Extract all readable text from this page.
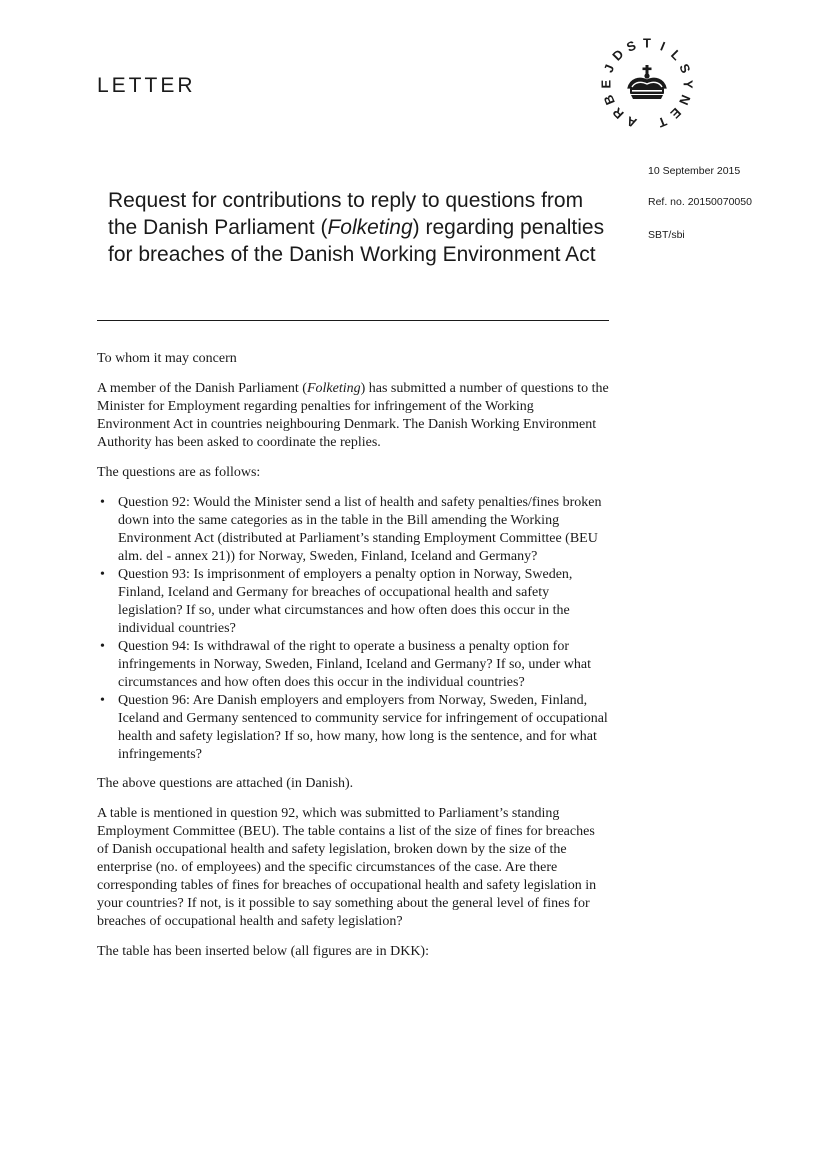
LETTER
A
R
B
E
J
D
S T I
L
S
Y
N
E
T
10 September 2015
Ref. no. 20150070050
SBT/sbi
Request for contributions to reply to questions from the Danish Parliament (Folketing) regarding penalties for breaches of the Danish Working Environment Act

To whom it may concern

A member of the Danish Parliament (Folketing) has submitted a number of questions to the Minister for Employment regarding penalties for infringement of the Working Environment Act in countries neighbouring Denmark. The Danish Working Environment Authority has been asked to coordinate the replies.

The questions are as follows:

• Question 92: Would the Minister send a list of health and safety penalties/fines broken down into the same categories as in the table in the Bill amending the Working Environment Act (distributed at Parliament’s standing Employment Committee (BEU alm. del - annex 21)) for Norway, Sweden, Finland, Iceland and Germany?
• Question 93: Is imprisonment of employers a penalty option in Norway, Sweden, Finland, Iceland and Germany for breaches of occupational health and safety legislation? If so, under what circumstances and how often does this occur in the individual countries?
• Question 94: Is withdrawal of the right to operate a business a penalty option for infringements in Norway, Sweden, Finland, Iceland and Germany? If so, under what circumstances and how often does this occur in the individual countries?
• Question 96: Are Danish employers and employers from Norway, Sweden, Finland, Iceland and Germany sentenced to community service for infringement of occupational health and safety legislation? If so, how many, how long is the sentence, and for what infringements?

The above questions are attached (in Danish).

A table is mentioned in question 92, which was submitted to Parliament’s standing Employment Committee (BEU). The table contains a list of the size of fines for breaches of Danish occupational health and safety legislation, broken down by the size of the enterprise (no. of employees) and the specific circumstances of the case. Are there corresponding tables of fines for breaches of occupational health and safety legislation in your countries? If not, is it possible to say something about the general level of fines for breaches of occupational health and safety legislation?

The table has been inserted below (all figures are in DKK):
